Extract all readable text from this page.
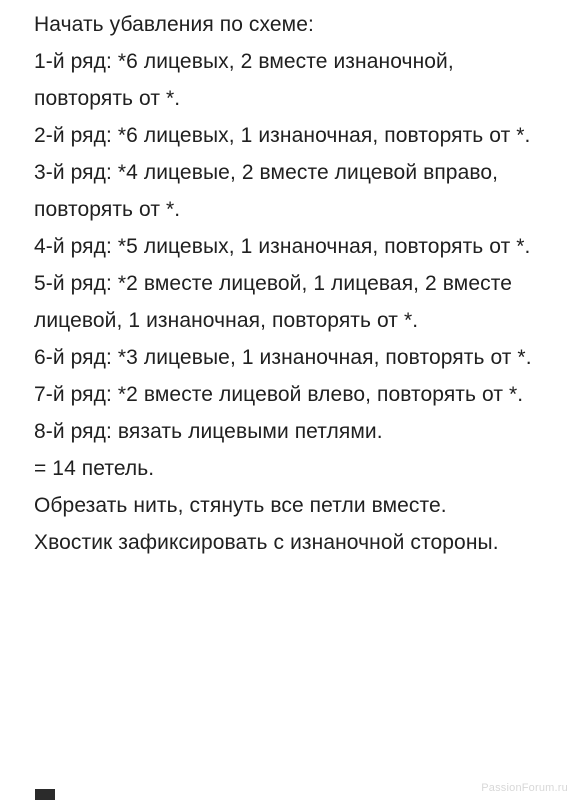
Начать убавления по схеме:

1-й ряд: *6 лицевых, 2 вместе изнаночной, повторять от *.

2-й ряд: *6 лицевых, 1 изнаночная, повторять от *.

3-й ряд: *4 лицевые, 2 вместе лицевой вправо, повторять от *.

4-й ряд: *5 лицевых, 1 изнаночная, повторять от *.

5-й ряд: *2 вместе лицевой, 1 лицевая, 2 вместе лицевой, 1 изнаночная, повторять от *.

6-й ряд: *3 лицевые, 1 изнаночная, повторять от *.

7-й ряд: *2 вместе лицевой влево, повторять от *.

8-й ряд: вязать лицевыми петлями.

= 14 петель.

Обрезать нить, стянуть все петли вместе.

Хвостик зафиксировать с изнаночной стороны.

PassionForum.ru
